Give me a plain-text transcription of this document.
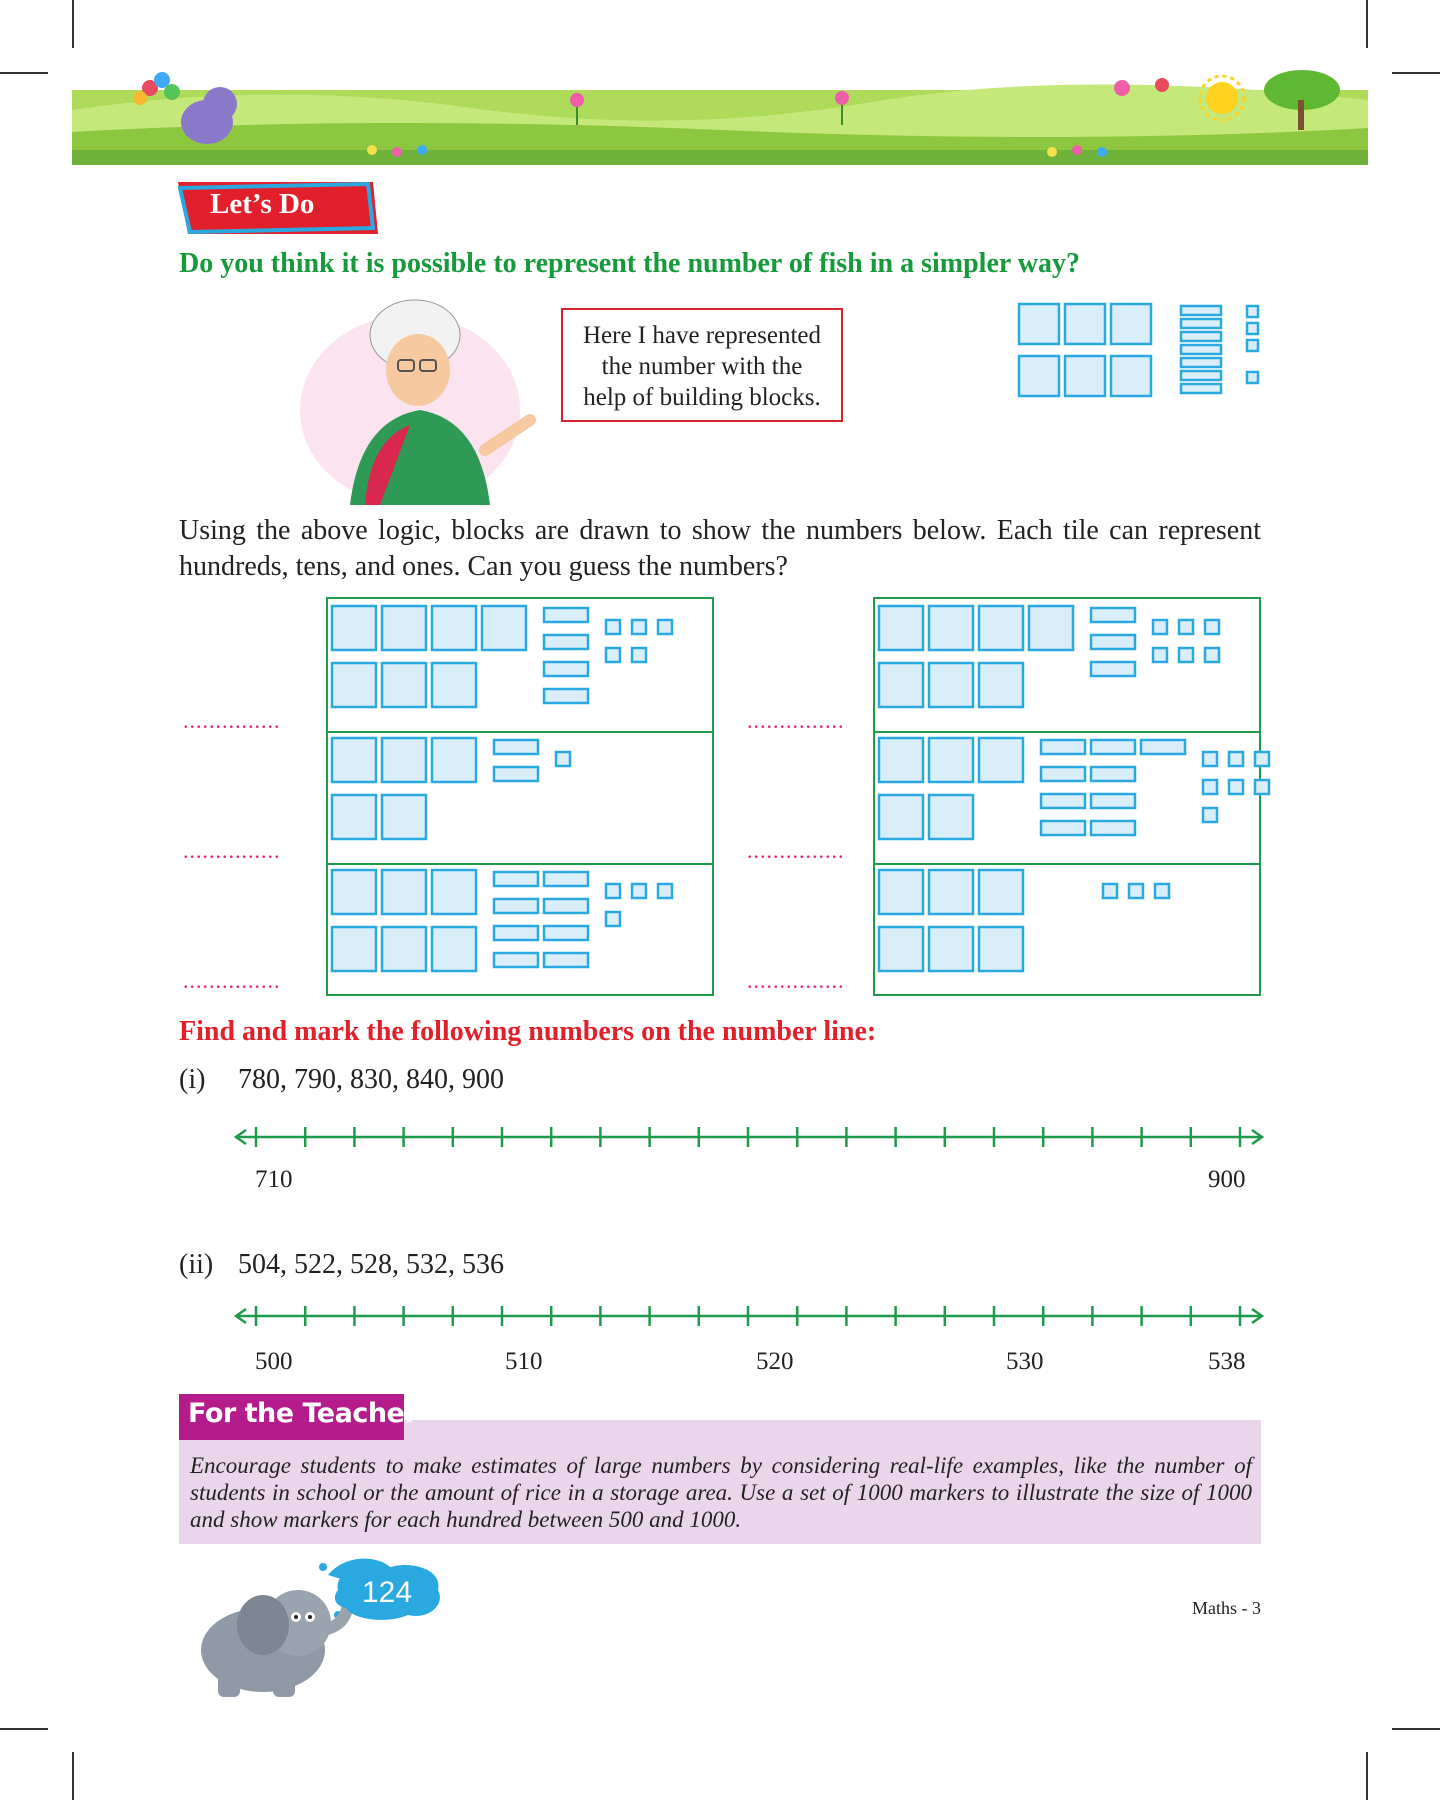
Let’s Do
Do you think it is possible to represent the number of fish in a simpler way?
Here I have represented
the number with the
help of building blocks.
Using the above logic, blocks are drawn to show the numbers below. Each tile can represent hundreds, tens, and ones. Can you guess the numbers?
...............
...............
...............
...............
...............
...............
Find and mark the following numbers on the number line:
(i) 780, 790, 830, 840, 900
710	900
(ii) 504, 522, 528, 532, 536
500	510	520	530	538
For the Teacher
Encourage students to make estimates of large numbers by considering real-life examples, like the number of students in school or the amount of rice in a storage area. Use a set of 1000 markers to illustrate the size of 1000 and show markers for each hundred between 500 and 1000.
124	Maths - 3
